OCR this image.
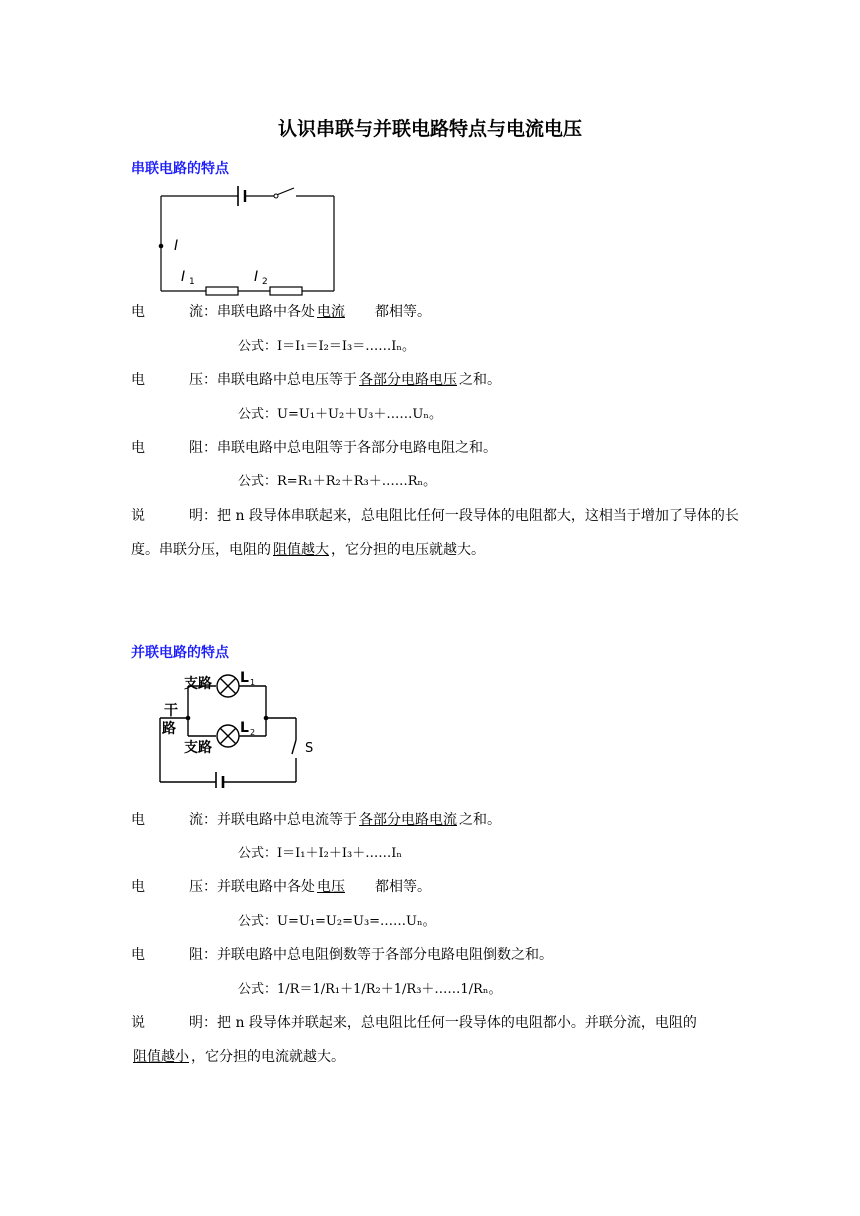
认识串联与并联电路特点与电流电压
串联电路的特点
I
I 1	I 2
电	流 ：串联电路中各处 电流 都相等。
公式：I＝I₁＝I₂＝I₃＝……Iₙ。
电	压 ：串联电路中总电压等于 各部分电路电压 之和。
公式：U=U₁＋U₂＋U₃＋……Uₙ。
电	阻 ：串联电路中总电阻等于各部分电路电阻之和。
公式：R=R₁＋R₂＋R₃＋……Rₙ。
说	明 ：把 n 段导体串联起来，总电阻比任何一段导体的电阻都大，这相当于增加了导体的长度。串联分压，电阻的 阻值越大 ，它分担的电压就越大。
并联电路的特点
支路
支路
干
路
L 1
L 2
S
电	流 ：并联电路中总电流等于 各部分电路电流 之和。
公式：I＝I₁＋I₂＋I₃＋……Iₙ
电	压 ：并联电路中各处 电压 都相等。
公式：U=U₁=U₂=U₃=……Uₙ。
电	阻 ：并联电路中总电阻倒数等于各部分电路电阻倒数之和。
公式：1/R＝1/R₁＋1/R₂＋1/R₃＋……1/Rₙ。
说	明 ：把 n 段导体并联起来，总电阻比任何一段导体的电阻都小。并联分流，电阻的阻值越小 ，它分担的电流就越大。
